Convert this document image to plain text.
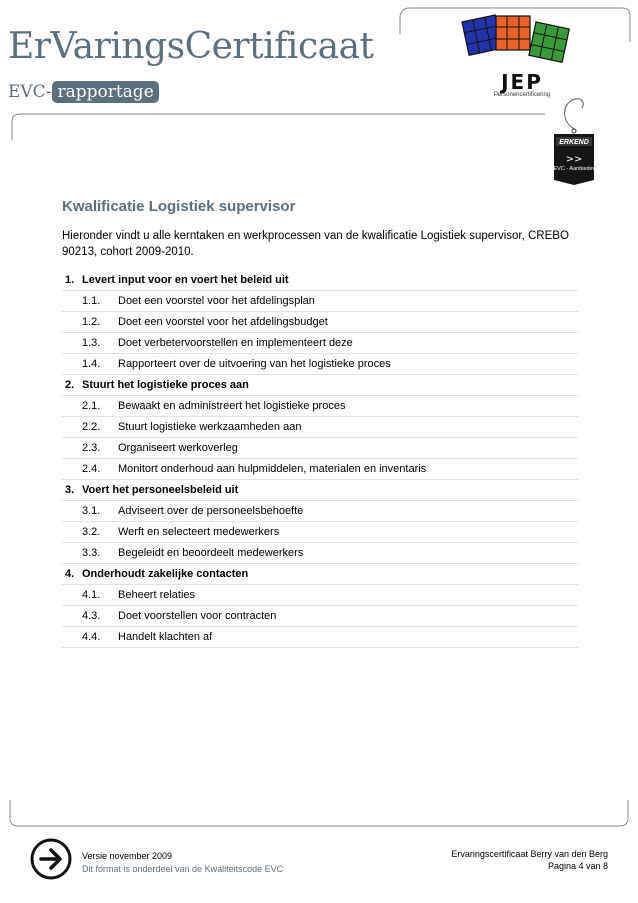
ErVaringsCertificaat
EVC- rapportage	JEP
Personencertificering
>>
ERKEND
EVC - Aanbieder
Kwalificatie Logistiek supervisor

Hieronder vindt u alle kerntaken en werkprocessen van de kwalificatie Logistiek supervisor, CREBO 90213, cohort 2009-2010.

1. Levert input voor en voert het beleid uit
1.1.	Doet een voorstel voor het afdelingsplan
1.2.	Doet een voorstel voor het afdelingsbudget
1.3.	Doet verbetervoorstellen en implementeert deze
1.4.	Rapporteert over de uitvoering van het logistieke proces
2. Stuurt het logistieke proces aan
2.1.	Bewaakt en administreert het logistieke proces
2.2.	Stuurt logistieke werkzaamheden aan
2.3.	Organiseert werkoverleg
2.4.	Monitort onderhoud aan hulpmiddelen, materialen en inventaris
3. Voert het personeelsbeleid uit
3.1.	Adviseert over de personeelsbehoefte
3.2.	Werft en selecteert medewerkers
3.3.	Begeleidt en beoordeelt medewerkers
4. Onderhoudt zakelijke contacten
4.1.	Beheert relaties
4.3.	Doet voorstellen voor contracten
4.4.	Handelt klachten af
Versie november 2009
Dit format is onderdeel van de Kwaliteitscode EVC
Ervaringscertificaat Berry van den Berg
Pagina 4 van 8
